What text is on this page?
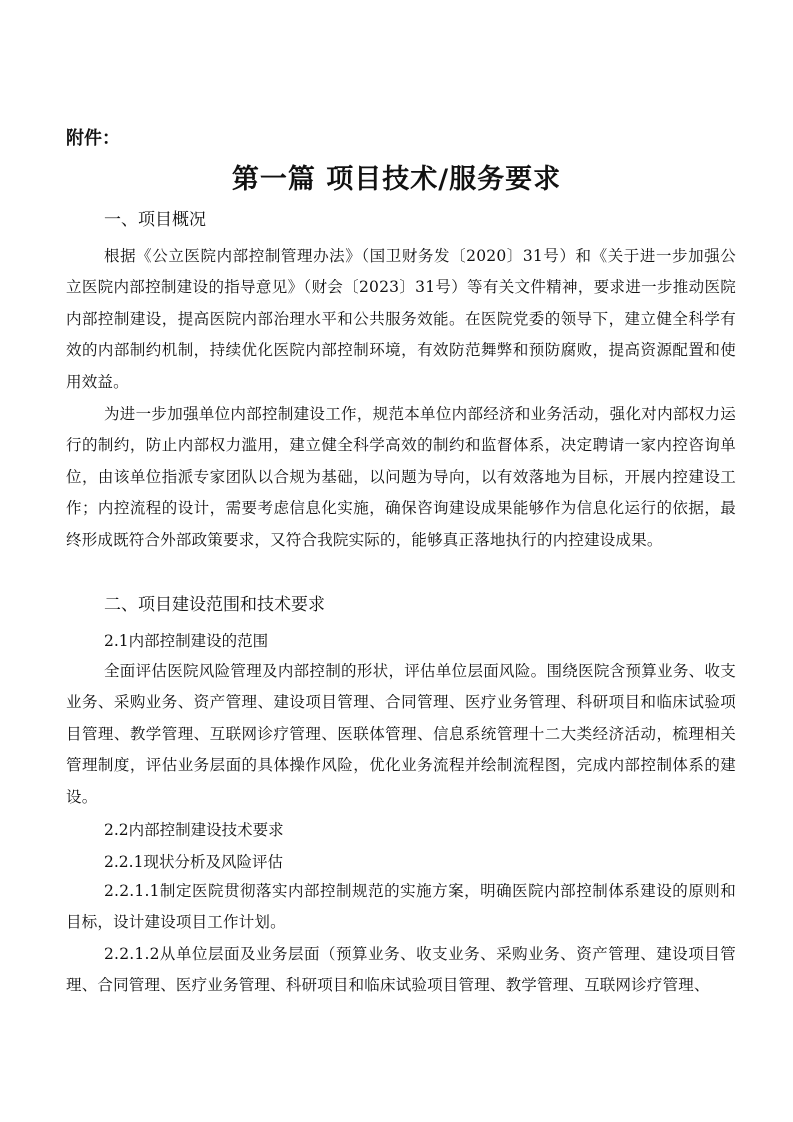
附件：
第一篇 项目技术/服务要求
一、项目概况
根据《公立医院内部控制管理办法》（国卫财务发〔2020〕31号）和《关于进一步加强公立医院内部控制建设的指导意见》（财会〔2023〕31号）等有关文件精神，要求进一步推动医院内部控制建设，提高医院内部治理水平和公共服务效能。在医院党委的领导下，建立健全科学有效的内部制约机制，持续优化医院内部控制环境，有效防范舞弊和预防腐败，提高资源配置和使用效益。
为进一步加强单位内部控制建设工作，规范本单位内部经济和业务活动，强化对内部权力运行的制约，防止内部权力滥用，建立健全科学高效的制约和监督体系，决定聘请一家内控咨询单位，由该单位指派专家团队以合规为基础，以问题为导向，以有效落地为目标，开展内控建设工作；内控流程的设计，需要考虑信息化实施，确保咨询建设成果能够作为信息化运行的依据，最终形成既符合外部政策要求，又符合我院实际的，能够真正落地执行的内控建设成果。
二、项目建设范围和技术要求
2.1内部控制建设的范围
全面评估医院风险管理及内部控制的形状，评估单位层面风险。围绕医院含预算业务、收支业务、采购业务、资产管理、建设项目管理、合同管理、医疗业务管理、科研项目和临床试验项目管理、教学管理、互联网诊疗管理、医联体管理、信息系统管理十二大类经济活动，梳理相关管理制度，评估业务层面的具体操作风险，优化业务流程并绘制流程图，完成内部控制体系的建设。
2.2内部控制建设技术要求
2.2.1现状分析及风险评估
2.2.1.1制定医院贯彻落实内部控制规范的实施方案，明确医院内部控制体系建设的原则和目标，设计建设项目工作计划。
2.2.1.2从单位层面及业务层面（预算业务、收支业务、采购业务、资产管理、建设项目管理、合同管理、医疗业务管理、科研项目和临床试验项目管理、教学管理、互联网诊疗管理、
